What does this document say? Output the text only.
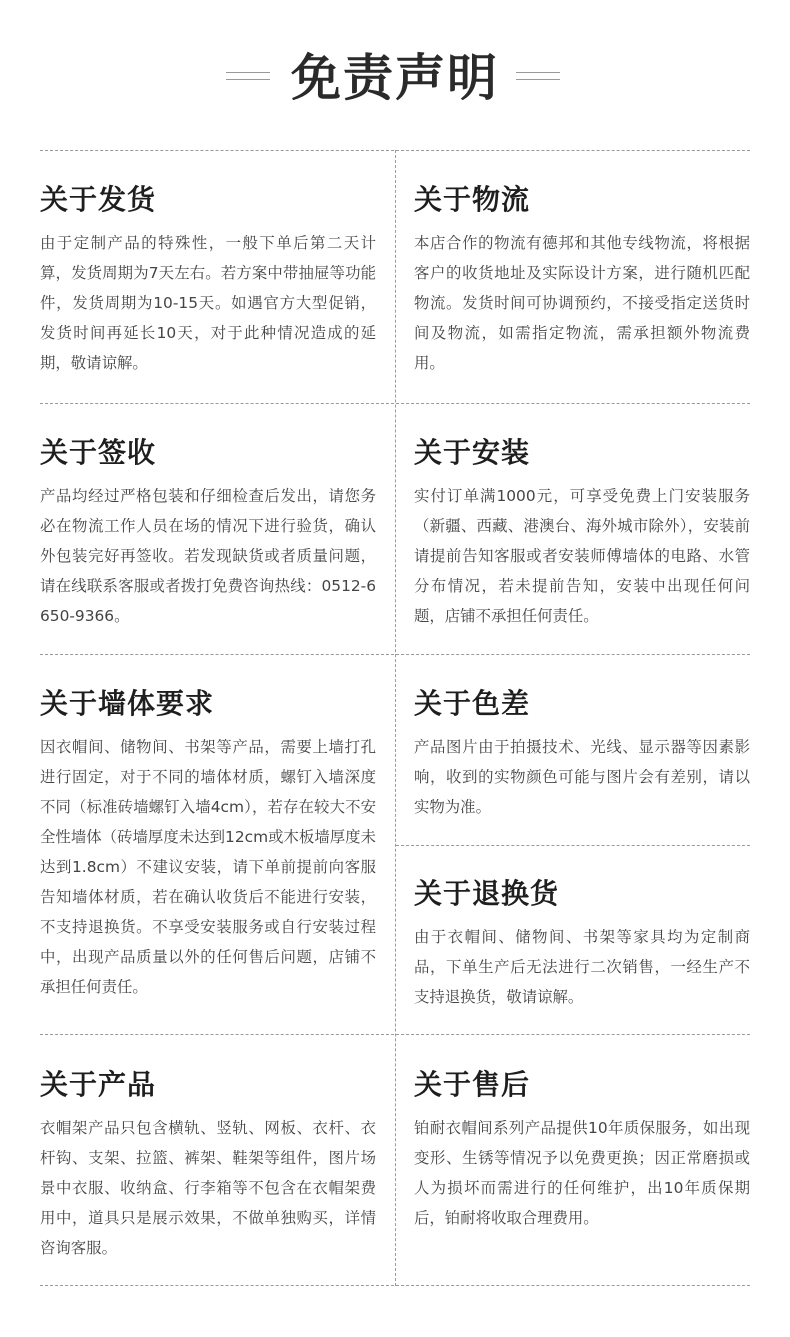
免责声明
关于发货

由于定制产品的特殊性，一般下单后第二天计算，发货周期为7天左右。若方案中带抽屉等功能件，发货周期为10-15天。如遇官方大型促销，发货时间再延长10天，对于此种情况造成的延期，敬请谅解。

关于物流

本店合作的物流有德邦和其他专线物流，将根据客户的收货地址及实际设计方案，进行随机匹配物流。发货时间可协调预约，不接受指定送货时间及物流，如需指定物流，需承担额外物流费用。

关于签收

产品均经过严格包装和仔细检查后发出，请您务必在物流工作人员在场的情况下进行验货，确认外包装完好再签收。若发现缺货或者质量问题，请在线联系客服或者拨打免费咨询热线：0512-6650-9366。

关于安装

实付订单满1000元，可享受免费上门安装服务（新疆、西藏、港澳台、海外城市除外），安装前请提前告知客服或者安装师傅墙体的电路、水管分布情况，若未提前告知，安装中出现任何问题，店铺不承担任何责任。

关于墙体要求

因衣帽间、储物间、书架等产品，需要上墙打孔进行固定，对于不同的墙体材质，螺钉入墙深度不同（标准砖墙螺钉入墙4cm），若存在较大不安全性墙体（砖墙厚度未达到12cm或木板墙厚度未达到1.8cm）不建议安装，请下单前提前向客服告知墙体材质，若在确认收货后不能进行安装，不支持退换货。不享受安装服务或自行安装过程中，出现产品质量以外的任何售后问题，店铺不承担任何责任。

关于色差

产品图片由于拍摄技术、光线、显示器等因素影响，收到的实物颜色可能与图片会有差别，请以实物为准。

关于退换货

由于衣帽间、储物间、书架等家具均为定制商品，下单生产后无法进行二次销售，一经生产不支持退换货，敬请谅解。

关于产品

衣帽架产品只包含横轨、竖轨、网板、衣杆、衣杆钩、支架、拉篮、裤架、鞋架等组件，图片场景中衣服、收纳盒、行李箱等不包含在衣帽架费用中，道具只是展示效果，不做单独购买，详情咨询客服。

关于售后

铂耐衣帽间系列产品提供10年质保服务，如出现变形、生锈等情况予以免费更换；因正常磨损或人为损坏而需进行的任何维护，出10年质保期后，铂耐将收取合理费用。
